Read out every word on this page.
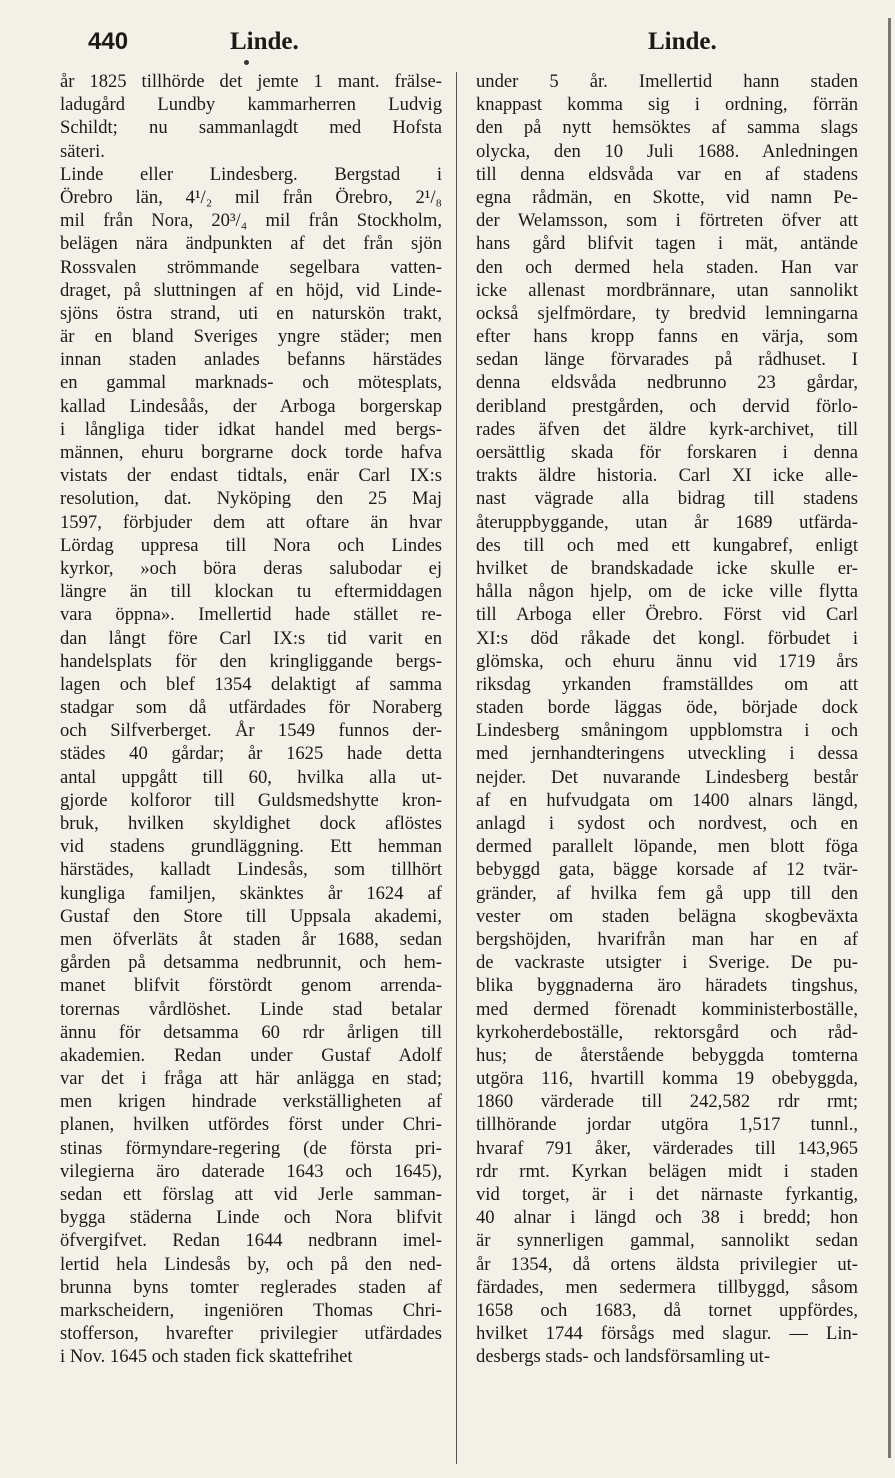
440	Linde.	Linde.
år 1825 tillhörde det jemte 1 mant. frälse-
ladugård Lundby kammarherren Ludvig
Schildt; nu sammanlagdt med Hofsta
säteri.
Linde eller Lindesberg. Bergstad i
Örebro län, 4¹/₂ mil från Örebro, 2¹/₈
mil från Nora, 20³/₄ mil från Stockholm,
belägen nära ändpunkten af det från sjön
Rossvalen strömmande segelbara vatten-
draget, på sluttningen af en höjd, vid Linde-
sjöns östra strand, uti en naturskön trakt,
är en bland Sveriges yngre städer; men
innan staden anlades befanns härstädes
en gammal marknads- och mötesplats,
kallad Lindesåås, der Arboga borgerskap
i långliga tider idkat handel med bergs-
männen, ehuru borgrarne dock torde hafva
vistats der endast tidtals, enär Carl IX:s
resolution, dat. Nyköping den 25 Maj
1597, förbjuder dem att oftare än hvar
Lördag uppresa till Nora och Lindes
kyrkor, »och böra deras salubodar ej
längre än till klockan tu eftermiddagen
vara öppna». Imellertid hade stället re-
dan långt före Carl IX:s tid varit en
handelsplats för den kringliggande bergs-
lagen och blef 1354 delaktigt af samma
stadgar som då utfärdades för Noraberg
och Silfverberget. År 1549 funnos der-
städes 40 gårdar; år 1625 hade detta
antal uppgått till 60, hvilka alla ut-
gjorde kolforor till Guldsmedshytte kron-
bruk, hvilken skyldighet dock aflöstes
vid stadens grundläggning. Ett hemman
härstädes, kalladt Lindesås, som tillhört
kungliga familjen, skänktes år 1624 af
Gustaf den Store till Uppsala akademi,
men öfverläts åt staden år 1688, sedan
gården på detsamma nedbrunnit, och hem-
manet blifvit förstördt genom arrenda-
torernas vårdlöshet. Linde stad betalar
ännu för detsamma 60 rdr årligen till
akademien. Redan under Gustaf Adolf
var det i fråga att här anlägga en stad;
men krigen hindrade verkställigheten af
planen, hvilken utfördes först under Chri-
stinas förmyndare-regering (de första pri-
vilegierna äro daterade 1643 och 1645),
sedan ett förslag att vid Jerle samman-
bygga städerna Linde och Nora blifvit
öfvergifvet. Redan 1644 nedbrann imel-
lertid hela Lindesås by, och på den ned-
brunna byns tomter reglerades staden af
markscheidern, ingeniören Thomas Chri-
stofferson, hvarefter privilegier utfärdades
i Nov. 1645 och staden fick skattefrihet
under 5 år. Imellertid hann staden
knappast komma sig i ordning, förrän
den på nytt hemsöktes af samma slags
olycka, den 10 Juli 1688. Anledningen
till denna eldsvåda var en af stadens
egna rådmän, en Skotte, vid namn Pe-
der Welamsson, som i förtreten öfver att
hans gård blifvit tagen i mät, antände
den och dermed hela staden. Han var
icke allenast mordbrännare, utan sannolikt
också sjelfmördare, ty bredvid lemningarna
efter hans kropp fanns en värja, som
sedan länge förvarades på rådhuset. I
denna eldsvåda nedbrunno 23 gårdar,
deribland prestgården, och dervid förlo-
rades äfven det äldre kyrk-archivet, till
oersättlig skada för forskaren i denna
trakts äldre historia. Carl XI icke alle-
nast vägrade alla bidrag till stadens
återuppbyggande, utan år 1689 utfärda-
des till och med ett kungabref, enligt
hvilket de brandskadade icke skulle er-
hålla någon hjelp, om de icke ville flytta
till Arboga eller Örebro. Först vid Carl
XI:s död råkade det kongl. förbudet i
glömska, och ehuru ännu vid 1719 års
riksdag yrkanden framställdes om att
staden borde läggas öde, började dock
Lindesberg småningom uppblomstra i och
med jernhandteringens utveckling i dessa
nejder. Det nuvarande Lindesberg består
af en hufvudgata om 1400 alnars längd,
anlagd i sydost och nordvest, och en
dermed parallelt löpande, men blott föga
bebyggd gata, bägge korsade af 12 tvär-
gränder, af hvilka fem gå upp till den
vester om staden belägna skogbeväxta
bergshöjden, hvarifrån man har en af
de vackraste utsigter i Sverige. De pu-
blika byggnaderna äro häradets tingshus,
med dermed förenadt komministerboställe,
kyrkoherdeboställe, rektorsgård och råd-
hus; de återstående bebyggda tomterna
utgöra 116, hvartill komma 19 obebyggda,
1860 värderade till 242,582 rdr rmt;
tillhörande jordar utgöra 1,517 tunnl.,
hvaraf 791 åker, värderades till 143,965
rdr rmt. Kyrkan belägen midt i staden
vid torget, är i det närnaste fyrkantig,
40 alnar i längd och 38 i bredd; hon
är synnerligen gammal, sannolikt sedan
år 1354, då ortens äldsta privilegier ut-
färdades, men sedermera tillbyggd, såsom
1658 och 1683, då tornet uppfördes,
hvilket 1744 försågs med slagur. — Lin-
desbergs stads- och landsförsamling ut-
